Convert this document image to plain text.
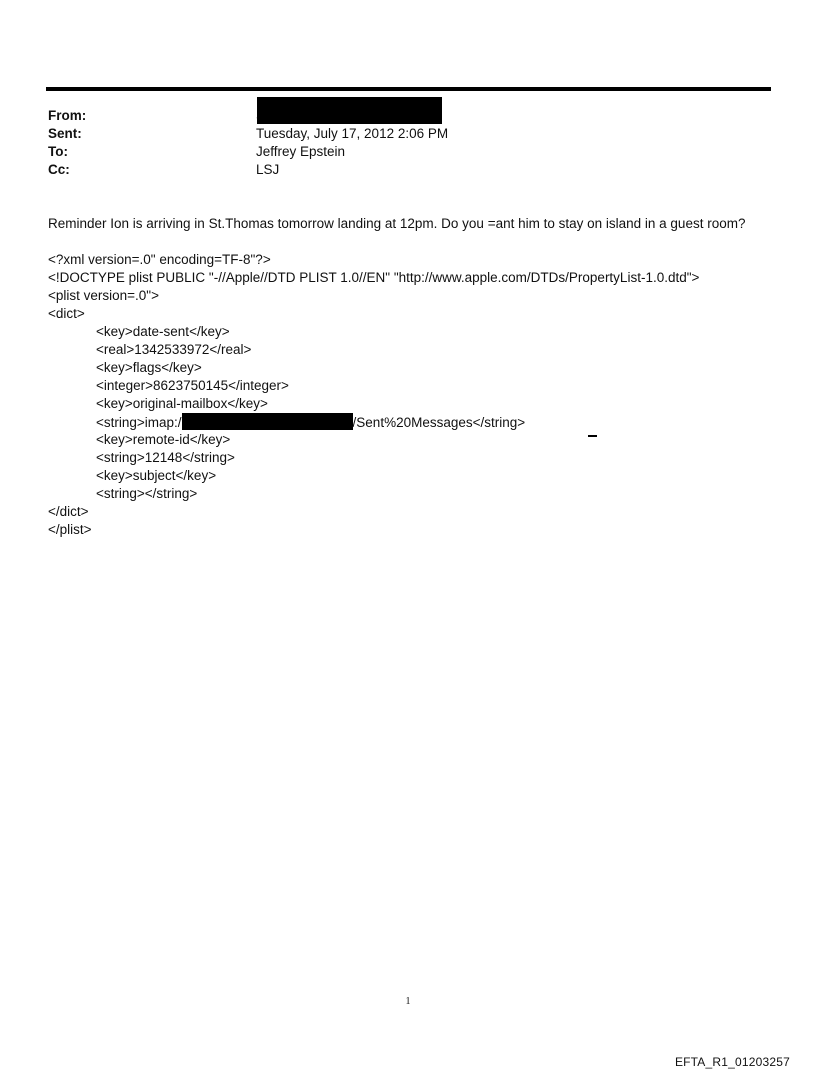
From:
Sent:	Tuesday, July 17, 2012 2:06 PM
To:	Jeffrey Epstein
Cc:	LSJ
Reminder Ion is arriving in St.Thomas tomorrow landing at 12pm. Do you =ant him to stay on island in a guest room?
<?xml version=.0" encoding=TF-8"?>
<!DOCTYPE plist PUBLIC "-//Apple//DTD PLIST 1.0//EN" "http://www.apple.com/DTDs/PropertyList-1.0.dtd">
<plist version=.0">
<dict>
<key>date-sent</key>
<real>1342533972</real>
<key>flags</key>
<integer>8623750145</integer>
<key>original-mailbox</key>
<string>imap:/	/Sent%20Messages</string>
<key>remote-id</key>
<string>12148</string>
<key>subject</key>
<string></string>
</dict>
</plist>
1
EFTA_R1_01203257
